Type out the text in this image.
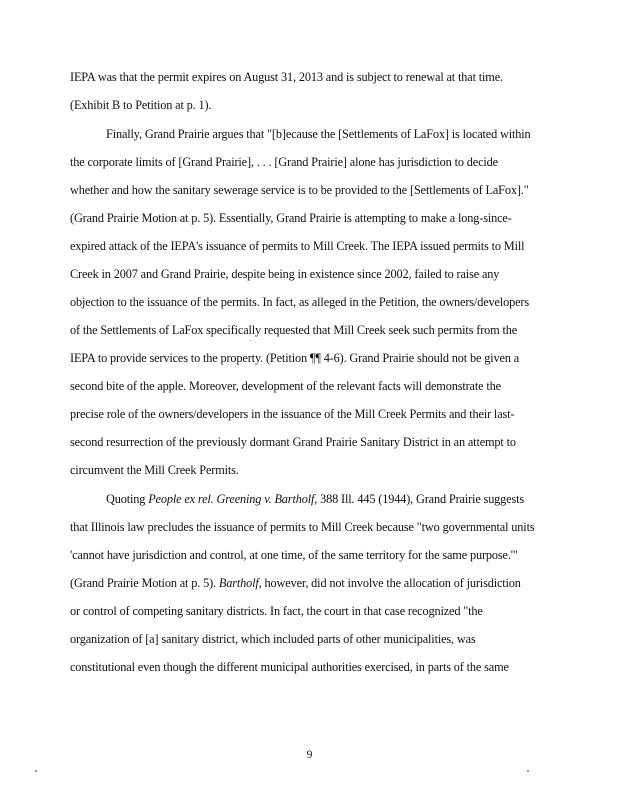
IEPA was that the permit expires on August 31, 2013 and is subject to renewal at that time.
(Exhibit B to Petition at p. 1).
Finally, Grand Prairie argues that "[b]ecause the [Settlements of LaFox] is located within
the corporate limits of [Grand Prairie], . . . [Grand Prairie] alone has jurisdiction to decide
whether and how the sanitary sewerage service is to be provided to the [Settlements of LaFox]."
(Grand Prairie Motion at p. 5). Essentially, Grand Prairie is attempting to make a long-since-
expired attack of the IEPA's issuance of permits to Mill Creek. The IEPA issued permits to Mill
Creek in 2007 and Grand Prairie, despite being in existence since 2002, failed to raise any
objection to the issuance of the permits. In fact, as alleged in the Petition, the owners/developers
of the Settlements of LaFox specifically requested that Mill Creek seek such permits from the
IEPA to provide services to the property. (Petition ¶¶ 4-6). Grand Prairie should not be given a
second bite of the apple. Moreover, development of the relevant facts will demonstrate the
precise role of the owners/developers in the issuance of the Mill Creek Permits and their last-
second resurrection of the previously dormant Grand Prairie Sanitary District in an attempt to
circumvent the Mill Creek Permits.
Quoting People ex rel. Greening v. Bartholf, 388 Ill. 445 (1944), Grand Prairie suggests
that Illinois law precludes the issuance of permits to Mill Creek because "two governmental units
'cannot have jurisdiction and control, at one time, of the same territory for the same purpose.'"
(Grand Prairie Motion at p. 5). Bartholf, however, did not involve the allocation of jurisdiction
or control of competing sanitary districts. In fact, the court in that case recognized "the
organization of [a] sanitary district, which included parts of other municipalities, was
constitutional even though the different municipal authorities exercised, in parts of the same
9
